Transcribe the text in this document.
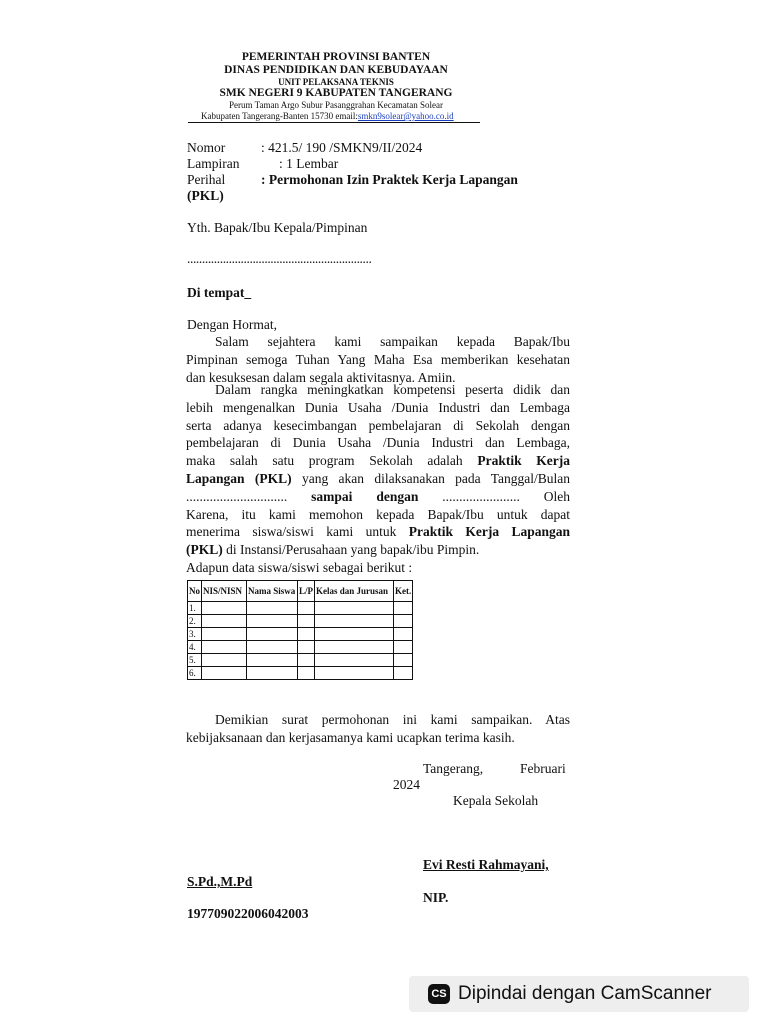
PEMERINTAH PROVINSI BANTEN
DINAS PENDIDIKAN DAN KEBUDAYAAN
UNIT PELAKSANA TEKNIS
SMK NEGERI 9 KABUPATEN TANGERANG
Perum Taman Argo Subur Pasanggrahan Kecamatan Solear
Kabupaten Tangerang-Banten 15730 email:smkn9solear@yahoo.co.id
Nomor	: 421.5/ 190 /SMKN9/II/2024
Lampiran	: 1 Lembar
Perihal	: Permohonan Izin Praktek Kerja Lapangan
(PKL)
Yth. Bapak/Ibu Kepala/Pimpinan
..............................................................
Di tempat_
Dengan Hormat,
Salam sejahtera kami sampaikan kepada Bapak/Ibu
Pimpinan semoga Tuhan Yang Maha Esa memberikan kesehatan
dan kesuksesan dalam segala aktivitasnya. Amiin.
Dalam rangka meningkatkan kompetensi peserta didik dan
lebih mengenalkan Dunia Usaha /Dunia Industri dan Lembaga
serta adanya kesecimbangan pembelajaran di Sekolah dengan
pembelajaran di Dunia Usaha /Dunia Industri dan Lembaga,
maka salah satu program Sekolah adalah Praktik Kerja
Lapangan (PKL) yang akan dilaksanakan pada Tanggal/Bulan
.............................. sampai dengan ....................... Oleh
Karena, itu kami memohon kepada Bapak/Ibu untuk dapat
menerima siswa/siswi kami untuk Praktik Kerja Lapangan
(PKL) di Instansi/Perusahaan yang bapak/ibu Pimpin.
Adapun data siswa/siswi sebagai berikut :
No	NIS/NISN	Nama Siswa	L/P	Kelas dan Jurusan	Ket.
1.					
2.					
3.					
4.					
5.					
6.					
Demikian surat permohonan ini kami sampaikan. Atas
kebijaksanaan dan kerjasamanya kami ucapkan terima kasih.
Tangerang,	Februari
2024
Kepala Sekolah
Evi Resti Rahmayani,
S.Pd.,M.Pd
NIP.
197709022006042003
CS Dipindai dengan CamScanner
